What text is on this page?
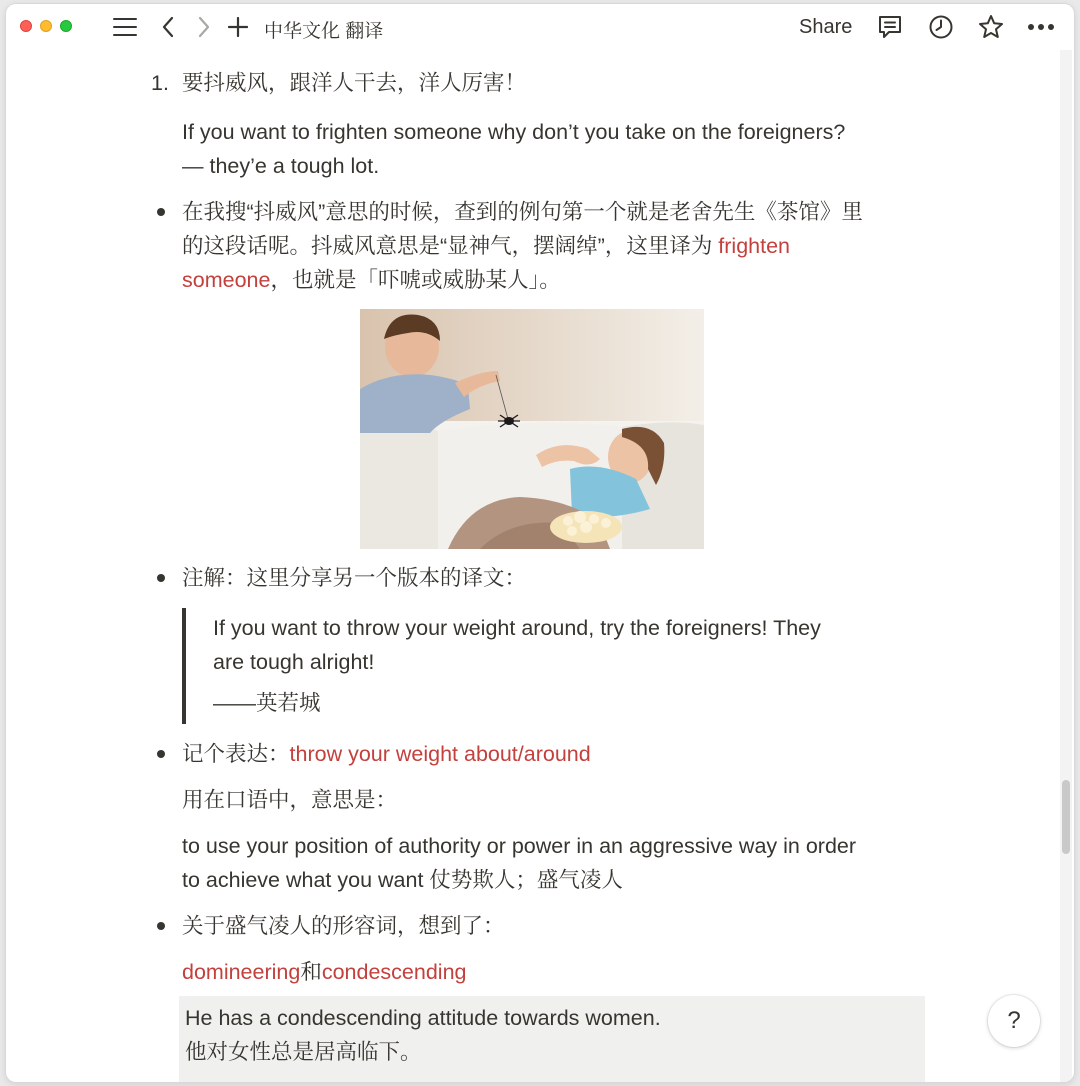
中华文化 翻译	Share
1. 要抖威风，跟洋人干去，洋人厉害！
If you want to frighten someone why don’t you take on the foreigners?
— they’e a tough lot.
在我搜“抖威风”意思的时候，查到的例句第一个就是老舍先生《茶馆》里
的这段话呢。抖威风意思是“显神气，摆阔绰”，这里译为 frighten
someone，也就是「吓唬或威胁某人」。
注解：这里分享另一个版本的译文：
If you want to throw your weight around, try the foreigners! They
are tough alright!
——英若城
记个表达：throw your weight about/around
用在口语中，意思是：
to use your position of authority or power in an aggressive way in order
to achieve what you want 仗势欺人；盛气凌人
关于盛气凌人的形容词，想到了：
domineering和condescending
He has a condescending attitude towards women.
他对女性总是居高临下。
?
